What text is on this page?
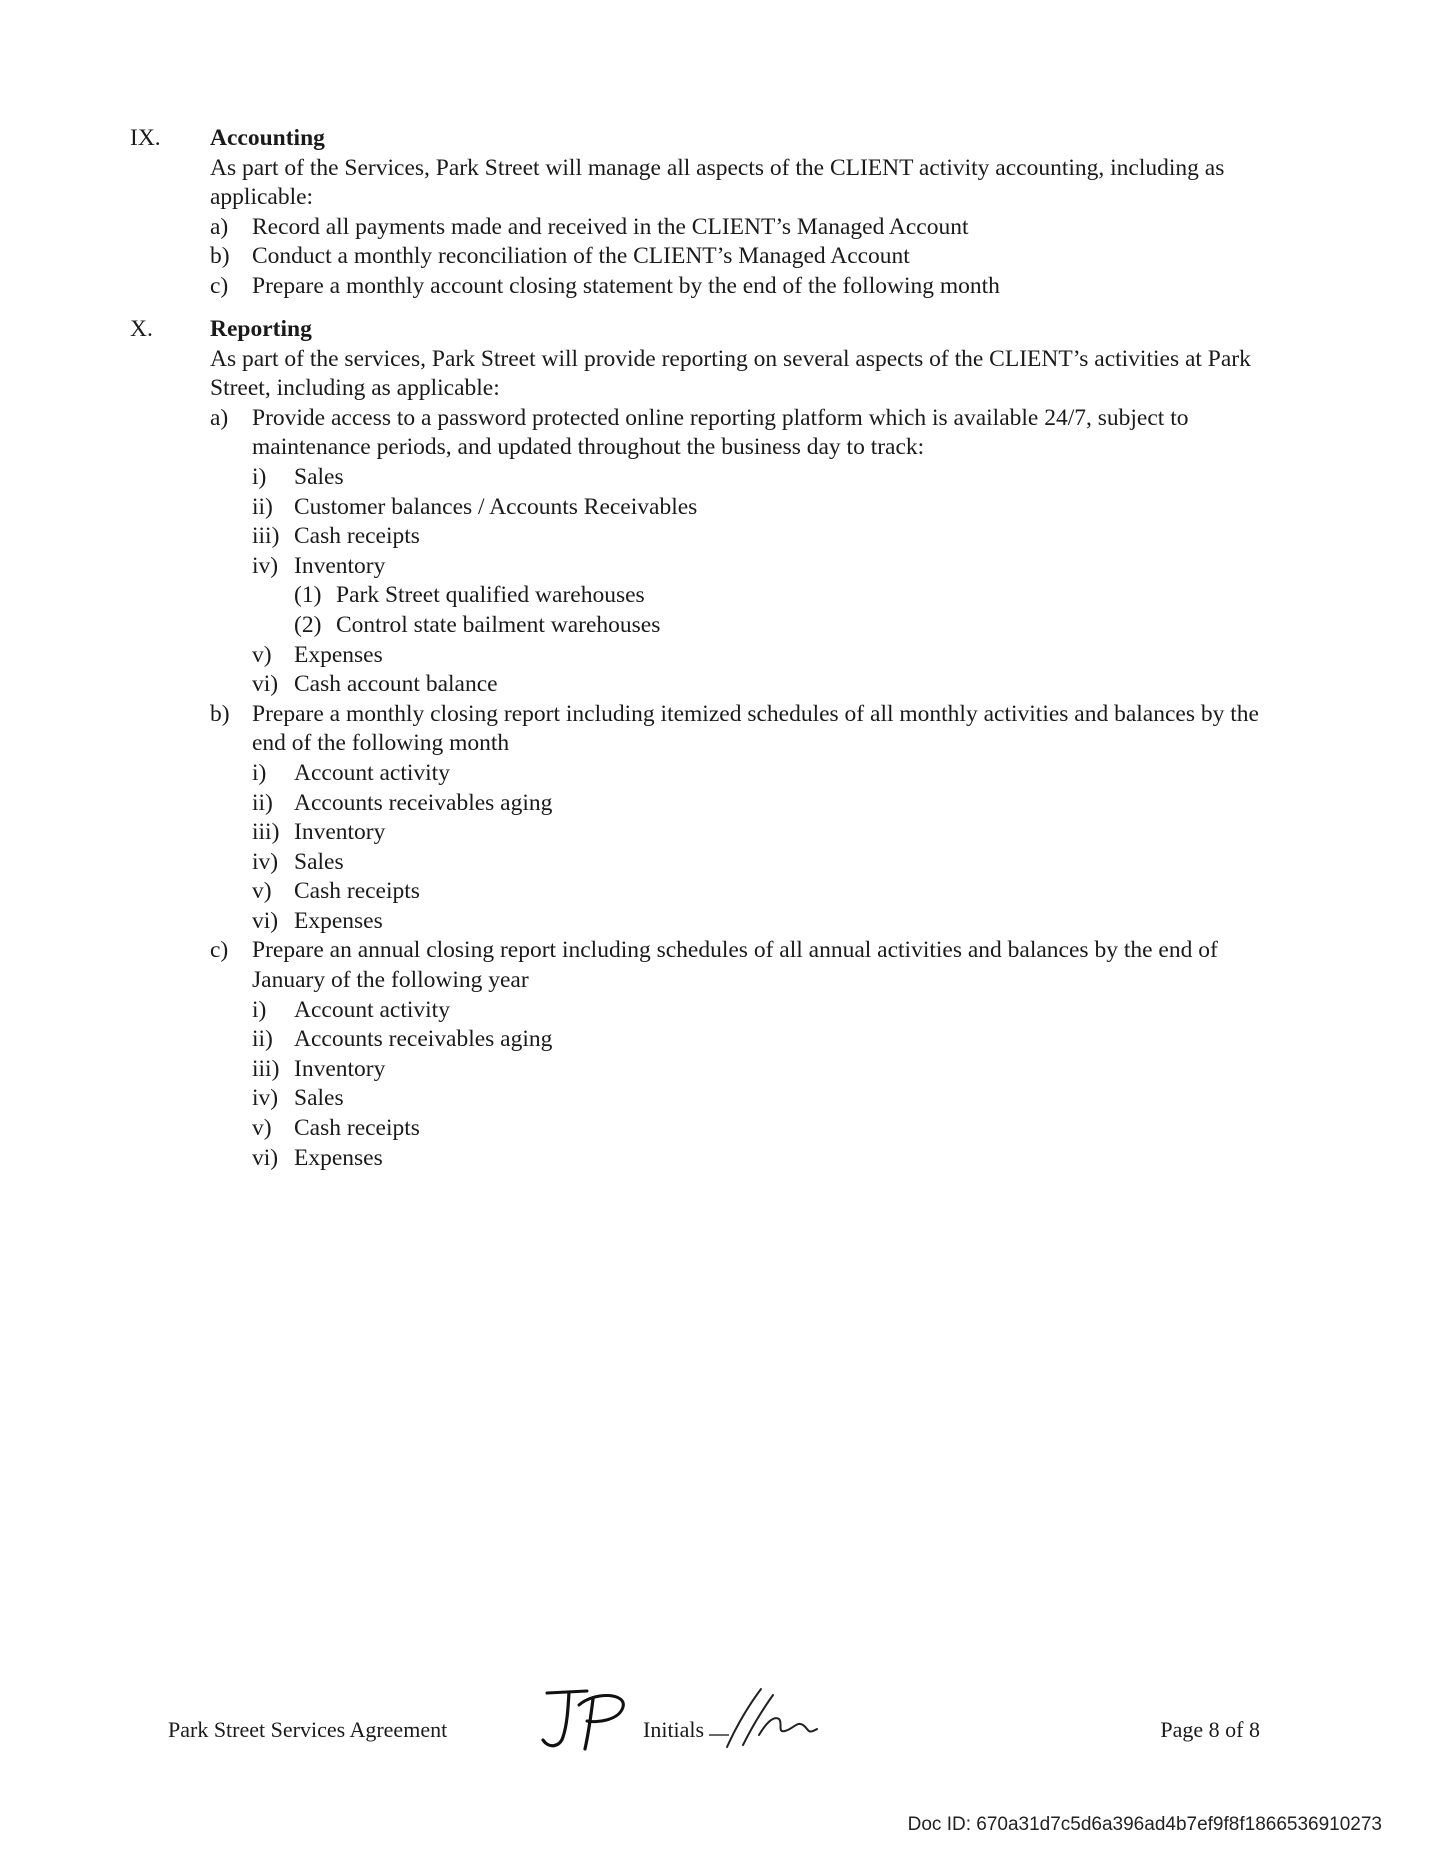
IX.	Accounting
As part of the Services, Park Street will manage all aspects of the CLIENT activity accounting, including as applicable:
a) Record all payments made and received in the CLIENT’s Managed Account
b) Conduct a monthly reconciliation of the CLIENT’s Managed Account
c) Prepare a monthly account closing statement by the end of the following month
X.	Reporting
As part of the services, Park Street will provide reporting on several aspects of the CLIENT’s activities at Park Street, including as applicable:
a) Provide access to a password protected online reporting platform which is available 24/7, subject to maintenance periods, and updated throughout the business day to track:
i) Sales
ii) Customer balances / Accounts Receivables
iii) Cash receipts
iv) Inventory
(1) Park Street qualified warehouses
(2) Control state bailment warehouses
v) Expenses
vi) Cash account balance
b) Prepare a monthly closing report including itemized schedules of all monthly activities and balances by the end of the following month
i) Account activity
ii) Accounts receivables aging
iii) Inventory
iv) Sales
v) Cash receipts
vi) Expenses
c) Prepare an annual closing report including schedules of all annual activities and balances by the end of January of the following year
i) Account activity
ii) Accounts receivables aging
iii) Inventory
iv) Sales
v) Cash receipts
vi) Expenses
Park Street Services Agreement	Initials	Page 8 of 8
Doc ID: 670a31d7c5d6a396ad4b7ef9f8f1866536910273
